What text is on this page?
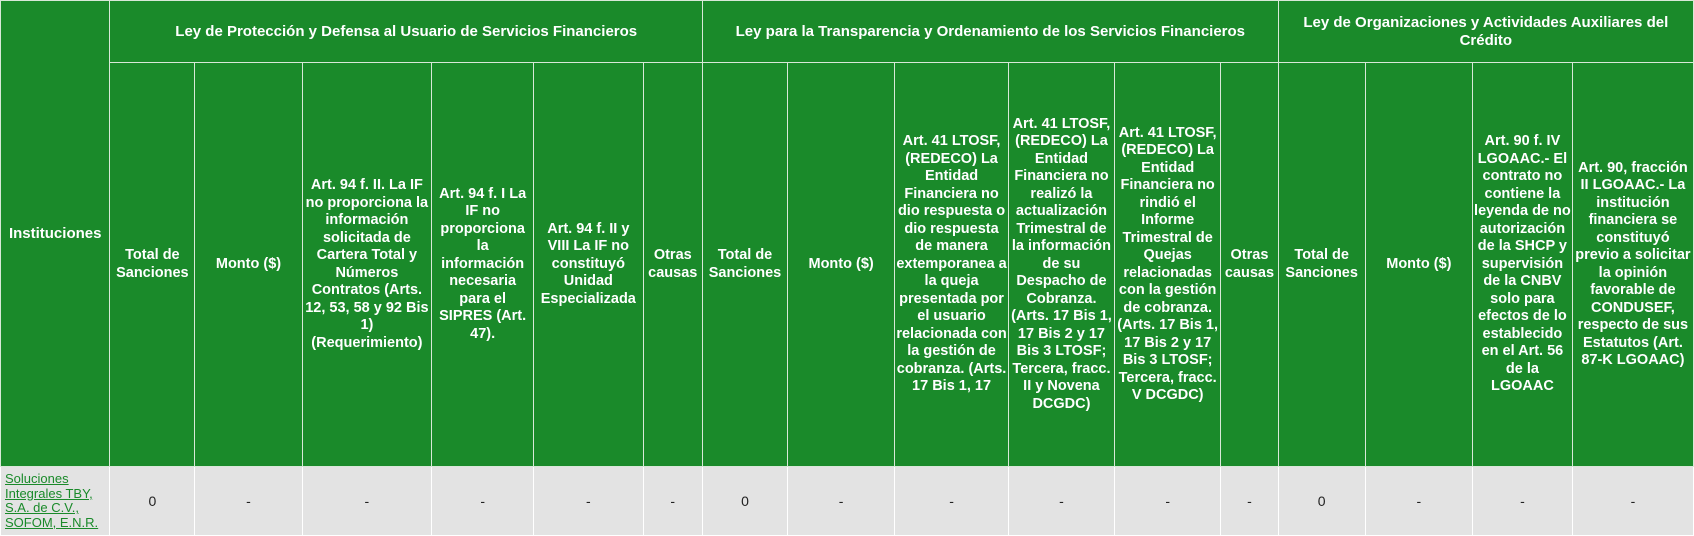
Instituciones	Ley de Protección y Defensa al Usuario de Servicios Financieros						Ley para la Transparencia y Ordenamiento de los Servicios Financieros						Ley de Organizaciones y Actividades Auxiliares del Crédito			
	Total de Sanciones	Monto ($)	Art. 94 f. II. La IF no proporciona la información solicitada de Cartera Total y Números Contratos (Arts. 12, 53, 58 y 92 Bis 1) (Requerimiento)	Art. 94 f. I La IF no proporciona la información necesaria para el SIPRES (Art. 47).	Art. 94 f. II y VIII La IF no constituyó Unidad Especializada	Otras causas	Total de Sanciones	Monto ($)	Art. 41 LTOSF, (REDECO) La Entidad Financiera no dio respuesta o dio respuesta de manera extemporanea a la queja presentada por el usuario relacionada con la gestión de cobranza. (Arts. 17 Bis 1, 17	Art. 41 LTOSF, (REDECO) La Entidad Financiera no realizó la actualización Trimestral de la información de su Despacho de Cobranza. (Arts. 17 Bis 1, 17 Bis 2 y 17 Bis 3 LTOSF; Tercera, fracc. II y Novena DCGDC)	Art. 41 LTOSF, (REDECO) La Entidad Financiera no rindió el Informe Trimestral de Quejas relacionadas con la gestión de cobranza. (Arts. 17 Bis 1, 17 Bis 2 y 17 Bis 3 LTOSF; Tercera, fracc. V DCGDC)	Otras causas	Total de Sanciones	Monto ($)	Art. 90 f. IV LGOAAC.- El contrato no contiene la leyenda de no autorización de la SHCP y supervisión de la CNBV solo para efectos de lo establecido en el Art. 56 de la LGOAAC	Art. 90, fracción II LGOAAC.- La institución financiera se constituyó previo a solicitar la opinión favorable de CONDUSEF, respecto de sus Estatutos (Art. 87-K LGOAAC)

Soluciones Integrales TBY, S.A. de C.V., SOFOM, E.N.R.	0	-	-	-	-	-	0	-	-	-	-	-	0	-	-	-
